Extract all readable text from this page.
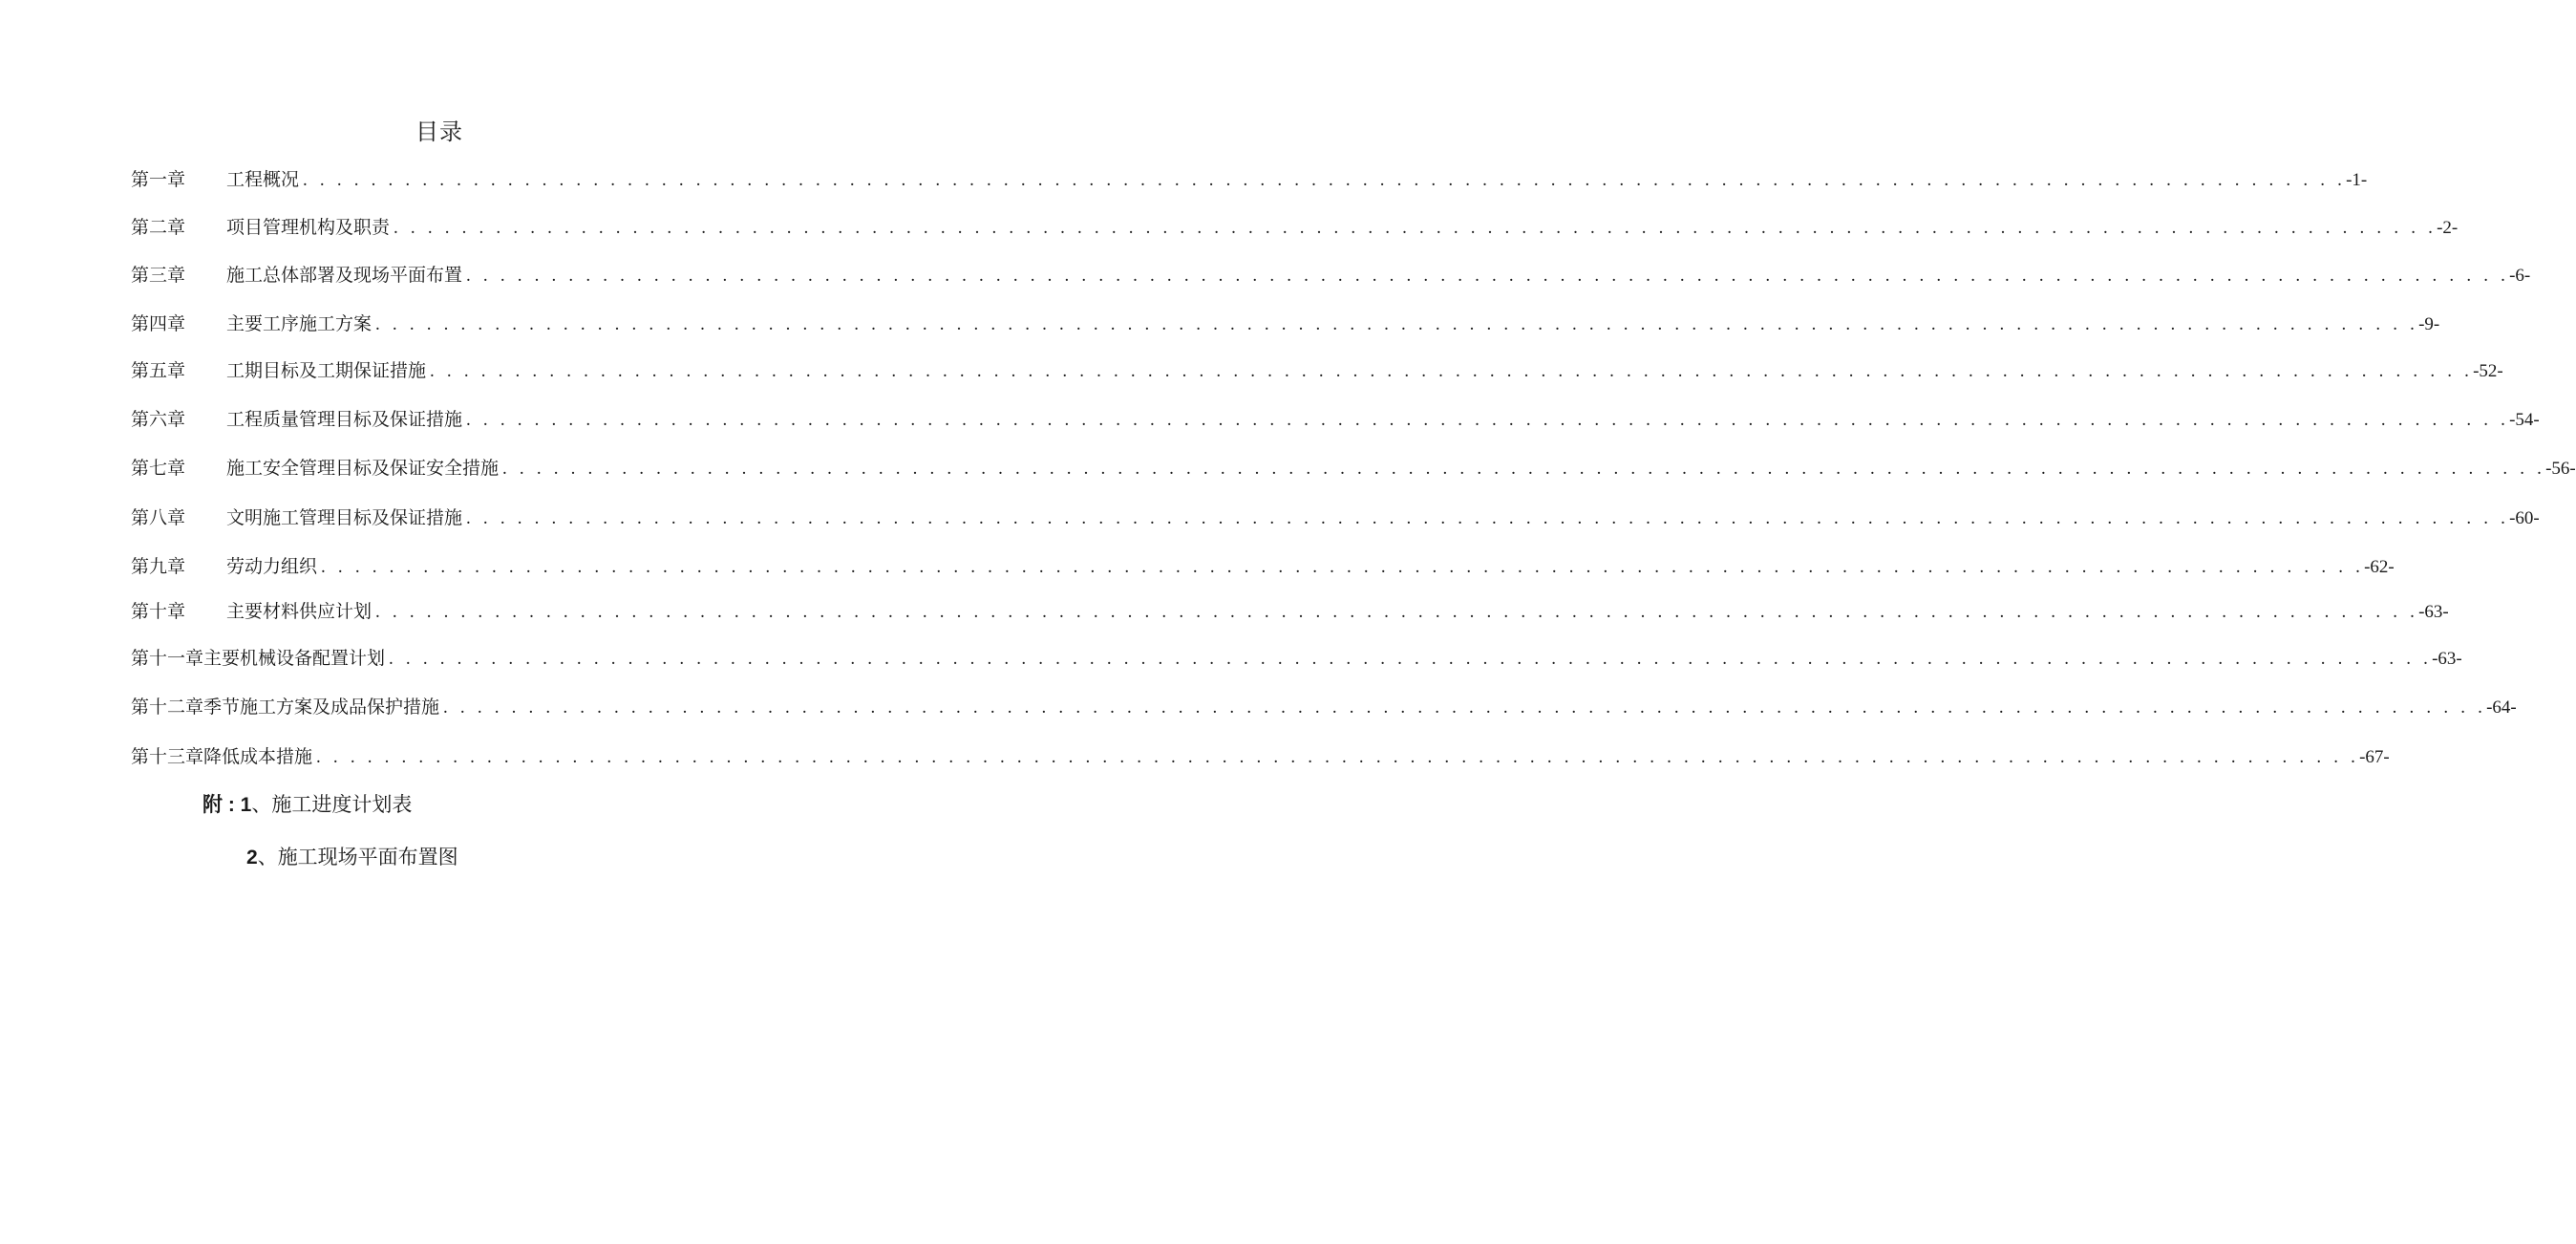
目录
第一章	工程概况 . . . . . . . . . . . . . . . . . . . . . . . . . . . . . . . . . . . . . . . . . . . . . . . . . . . . . . . . . . . . . . . . . . . . . . . . . . . . . . . . . . . . . . . . . . . . . . . . . . . . . . . . . . . . . . . . . . . . . . . . -1-
第二章	项目管理机构及职责 . . . . . . . . . . . . . . . . . . . . . . . . . . . . . . . . . . . . . . . . . . . . . . . . . . . . . . . . . . . . . . . . . . . . . . . . . . . . . . . . . . . . . . . . . . . . . . . . . . . . . . . . . . . . . . . . . . . . . . . . -2-
第三章	施工总体部署及现场平面布置 . . . . . . . . . . . . . . . . . . . . . . . . . . . . . . . . . . . . . . . . . . . . . . . . . . . . . . . . . . . . . . . . . . . . . . . . . . . . . . . . . . . . . . . . . . . . . . . . . . . . . . . . . . . . . . . . . . . . . . . . -6-
第四章	主要工序施工方案 . . . . . . . . . . . . . . . . . . . . . . . . . . . . . . . . . . . . . . . . . . . . . . . . . . . . . . . . . . . . . . . . . . . . . . . . . . . . . . . . . . . . . . . . . . . . . . . . . . . . . . . . . . . . . . . . . . . . . . . . -9-
第五章	工期目标及工期保证措施 . . . . . . . . . . . . . . . . . . . . . . . . . . . . . . . . . . . . . . . . . . . . . . . . . . . . . . . . . . . . . . . . . . . . . . . . . . . . . . . . . . . . . . . . . . . . . . . . . . . . . . . . . . . . . . . . . . . . . . . . -52-
第六章	工程质量管理目标及保证措施 . . . . . . . . . . . . . . . . . . . . . . . . . . . . . . . . . . . . . . . . . . . . . . . . . . . . . . . . . . . . . . . . . . . . . . . . . . . . . . . . . . . . . . . . . . . . . . . . . . . . . . . . . . . . . . . . . . . . . . . . -54-
第七章	施工安全管理目标及保证安全措施 . . . . . . . . . . . . . . . . . . . . . . . . . . . . . . . . . . . . . . . . . . . . . . . . . . . . . . . . . . . . . . . . . . . . . . . . . . . . . . . . . . . . . . . . . . . . . . . . . . . . . . . . . . . . . . . . . . . . . . . . -56-
第八章	文明施工管理目标及保证措施 . . . . . . . . . . . . . . . . . . . . . . . . . . . . . . . . . . . . . . . . . . . . . . . . . . . . . . . . . . . . . . . . . . . . . . . . . . . . . . . . . . . . . . . . . . . . . . . . . . . . . . . . . . . . . . . . . . . . . . . . -60-
第九章	劳动力组织 . . . . . . . . . . . . . . . . . . . . . . . . . . . . . . . . . . . . . . . . . . . . . . . . . . . . . . . . . . . . . . . . . . . . . . . . . . . . . . . . . . . . . . . . . . . . . . . . . . . . . . . . . . . . . . . . . . . . . . . . -62-
第十章	主要材料供应计划 . . . . . . . . . . . . . . . . . . . . . . . . . . . . . . . . . . . . . . . . . . . . . . . . . . . . . . . . . . . . . . . . . . . . . . . . . . . . . . . . . . . . . . . . . . . . . . . . . . . . . . . . . . . . . . . . . . . . . . . . -63-
第十一章 主要机械设备配置计划 . . . . . . . . . . . . . . . . . . . . . . . . . . . . . . . . . . . . . . . . . . . . . . . . . . . . . . . . . . . . . . . . . . . . . . . . . . . . . . . . . . . . . . . . . . . . . . . . . . . . . . . . . . . . . . . . . . . . . . . . -63-
第十二章 季节施工方案及成品保护措施 . . . . . . . . . . . . . . . . . . . . . . . . . . . . . . . . . . . . . . . . . . . . . . . . . . . . . . . . . . . . . . . . . . . . . . . . . . . . . . . . . . . . . . . . . . . . . . . . . . . . . . . . . . . . . . . . . . . . . . . . -64-
第十三章 降低成本措施 . . . . . . . . . . . . . . . . . . . . . . . . . . . . . . . . . . . . . . . . . . . . . . . . . . . . . . . . . . . . . . . . . . . . . . . . . . . . . . . . . . . . . . . . . . . . . . . . . . . . . . . . . . . . . . . . . . . . . . . . -67-
附 : 1、施工进度计划表
2、施工现场平面布置图
